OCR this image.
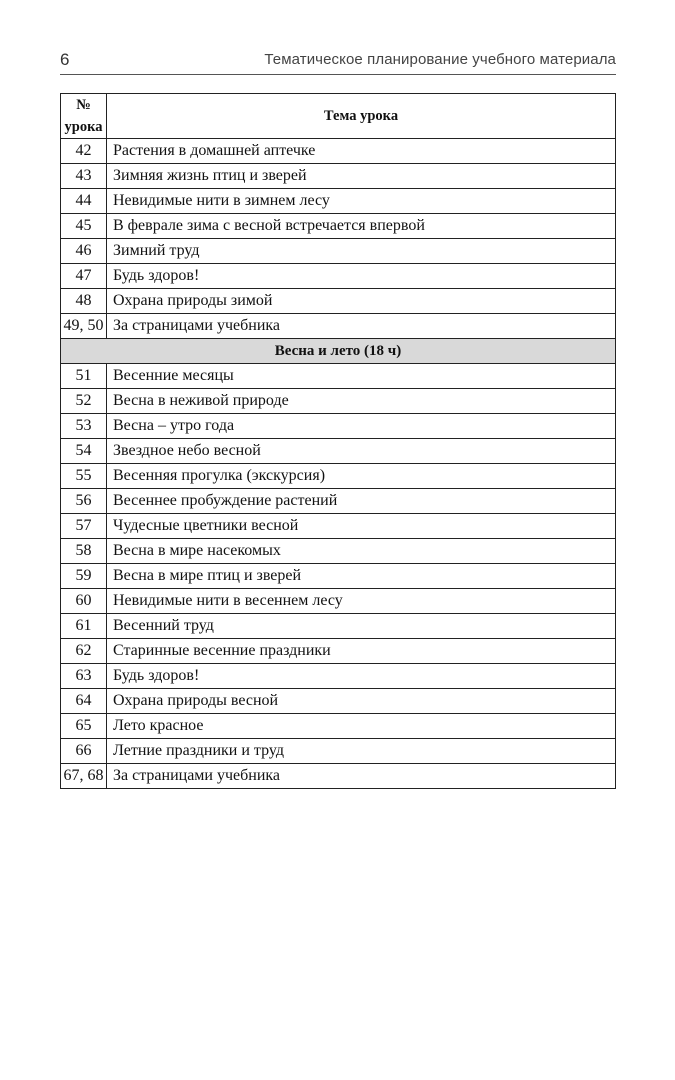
6	Тематическое планирование учебного материала
№
урока	Тема урока
42	Растения в домашней аптечке
43	Зимняя жизнь птиц и зверей
44	Невидимые нити в зимнем лесу
45	В феврале зима с весной встречается впервой
46	Зимний труд
47	Будь здоров!
48	Охрана природы зимой
49, 50	За страницами учебника
Весна и лето (18 ч)	
51	Весенние месяцы
52	Весна в неживой природе
53	Весна – утро года
54	Звездное небо весной
55	Весенняя прогулка (экскурсия)
56	Весеннее пробуждение растений
57	Чудесные цветники весной
58	Весна в мире насекомых
59	Весна в мире птиц и зверей
60	Невидимые нити в весеннем лесу
61	Весенний труд
62	Старинные весенние праздники
63	Будь здоров!
64	Охрана природы весной
65	Лето красное
66	Летние праздники и труд
67, 68	За страницами учебника
